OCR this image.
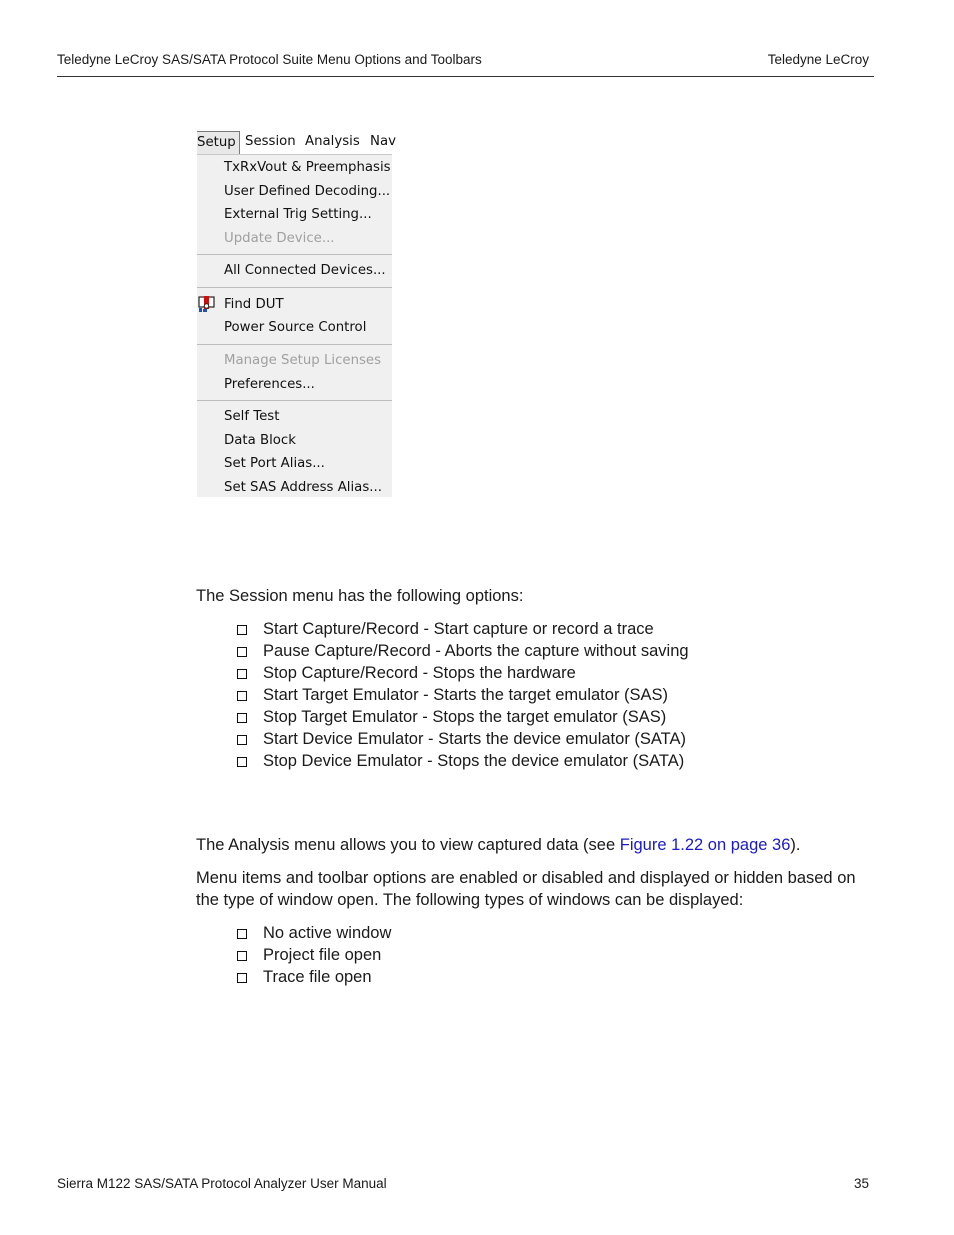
Teledyne LeCroy SAS/SATA Protocol Suite Menu Options and Toolbars	Teledyne LeCroy
Setup Session Analysis Nav
TxRxVout & Preemphasis
User Defined Decoding...
External Trig Setting...
Update Device...
All Connected Devices...
Find DUT
Power Source Control
Manage Setup Licenses
Preferences...
Self Test
Data Block
Set Port Alias...
Set SAS Address Alias...
The Session menu has the following options:
Start Capture/Record - Start capture or record a trace
Pause Capture/Record - Aborts the capture without saving
Stop Capture/Record - Stops the hardware
Start Target Emulator - Starts the target emulator (SAS)
Stop Target Emulator - Stops the target emulator (SAS)
Start Device Emulator - Starts the device emulator (SATA)
Stop Device Emulator - Stops the device emulator (SATA)
The Analysis menu allows you to view captured data (see Figure 1.22 on page 36).
Menu items and toolbar options are enabled or disabled and displayed or hidden based on the type of window open. The following types of windows can be displayed:
No active window
Project file open
Trace file open
Sierra M122 SAS/SATA Protocol Analyzer User Manual	35
